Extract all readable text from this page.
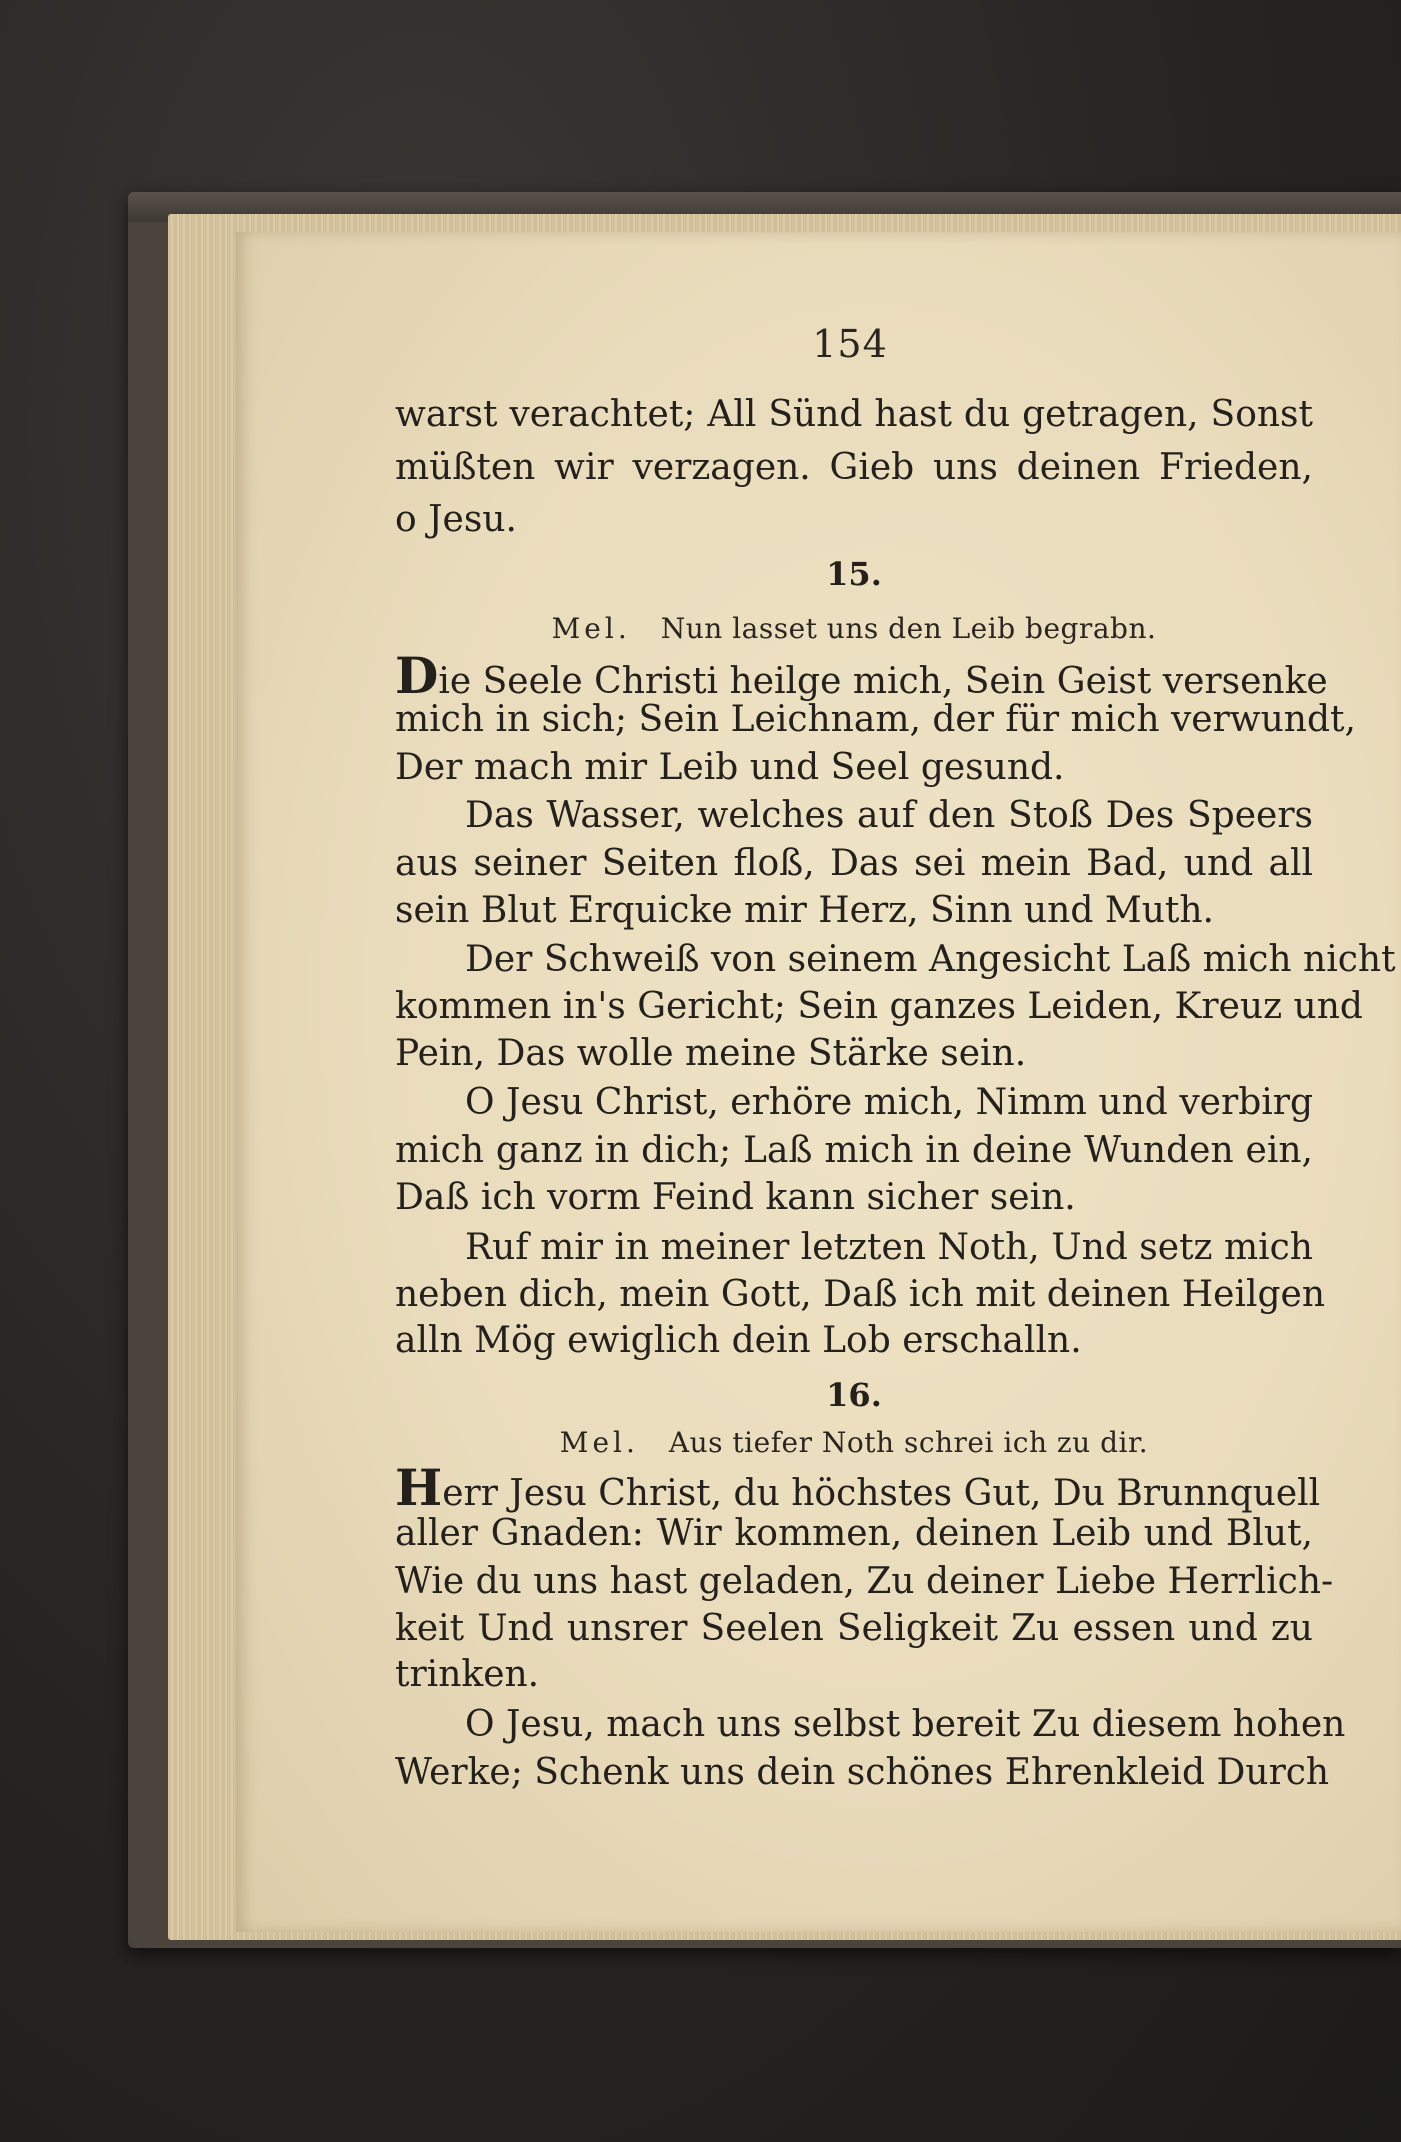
154
warst verachtet; All Sünd hast du getragen, Sonst
müßten wir verzagen. Gieb uns deinen Frieden,
o Jesu.
15.
Mel. Nun lasset uns den Leib begrabn.
Die Seele Christi heilge mich, Sein Geist versenke
mich in sich; Sein Leichnam, der für mich verwundt,
Der mach mir Leib und Seel gesund.
Das Wasser, welches auf den Stoß Des Speers
aus seiner Seiten floß, Das sei mein Bad, und all
sein Blut Erquicke mir Herz, Sinn und Muth.
Der Schweiß von seinem Angesicht Laß mich nicht
kommen in's Gericht; Sein ganzes Leiden, Kreuz und
Pein, Das wolle meine Stärke sein.
O Jesu Christ, erhöre mich, Nimm und verbirg
mich ganz in dich; Laß mich in deine Wunden ein,
Daß ich vorm Feind kann sicher sein.
Ruf mir in meiner letzten Noth, Und setz mich
neben dich, mein Gott, Daß ich mit deinen Heilgen
alln Mög ewiglich dein Lob erschalln.
16.
Mel. Aus tiefer Noth schrei ich zu dir.
Herr Jesu Christ, du höchstes Gut, Du Brunnquell
aller Gnaden: Wir kommen, deinen Leib und Blut,
Wie du uns hast geladen, Zu deiner Liebe Herrlich-
keit Und unsrer Seelen Seligkeit Zu essen und zu
trinken.
O Jesu, mach uns selbst bereit Zu diesem hohen
Werke; Schenk uns dein schönes Ehrenkleid Durch
